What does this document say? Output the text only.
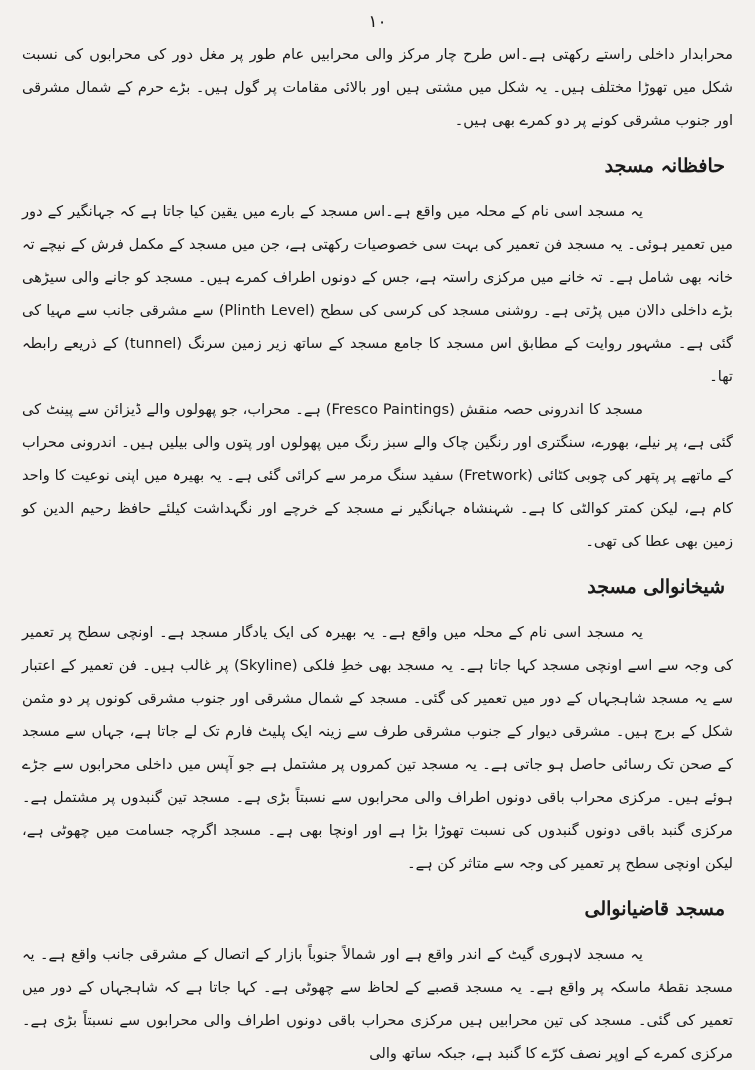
۱۰

محرابدار داخلی راستے رکھتی ہے۔اس طرح چار مرکز والی محرابیں عام طور پر مغل دور کی محرابوں کی نسبت شکل میں تھوڑا مختلف ہیں۔ یہ شکل میں مشتی ہیں اور بالائی مقامات پر گول ہیں۔ بڑے حرم کے شمال مشرقی اور جنوب مشرقی کونے پر دو کمرے بھی ہیں۔

حافظانہ مسجد

یہ مسجد اسی نام کے محلہ میں واقع ہے۔اس مسجد کے بارے میں یقین کیا جاتا ہے کہ جہانگیر کے دور میں تعمیر ہوئی۔ یہ مسجد فن تعمیر کی بہت سی خصوصیات رکھتی ہے، جن میں مسجد کے مکمل فرش کے نیچے تہ خانہ بھی شامل ہے۔ تہ خانے میں مرکزی راستہ ہے، جس کے دونوں اطراف کمرے ہیں۔ مسجد کو جانے والی سیڑھی بڑے داخلی دالان میں پڑتی ہے۔ روشنی مسجد کی کرسی کی سطح (Plinth Level) سے مشرقی جانب سے مہیا کی گئی ہے۔ مشہور روایت کے مطابق اس مسجد کا جامع مسجد کے ساتھ زیر زمین سرنگ (tunnel) کے ذریعے رابطہ تھا۔

مسجد کا اندرونی حصہ منقش (Fresco Paintings) ہے۔ محراب، جو پھولوں والے ڈیزائن سے پینٹ کی گئی ہے، پر نیلے، بھورے، سنگتری اور رنگین چاک والے سبز رنگ میں پھولوں اور پتوں والی بیلیں ہیں۔ اندرونی محراب کے ماتھے پر پتھر کی چوبی کٹائی (Fretwork) سفید سنگ مرمر سے کرائی گئی ہے۔ یہ بھیرہ میں اپنی نوعیت کا واحد کام ہے، لیکن کمتر کوالٹی کا ہے۔ شہنشاہ جہانگیر نے مسجد کے خرچے اور نگہداشت کیلئے حافظ رحیم الدین کو زمین بھی عطا کی تھی۔

شیخانوالی مسجد

یہ مسجد اسی نام کے محلہ میں واقع ہے۔ یہ بھیرہ کی ایک یادگار مسجد ہے۔ اونچی سطح پر تعمیر کی وجہ سے اسے اونچی مسجد کہا جاتا ہے۔ یہ مسجد بھی خطِ فلکی (Skyline) پر غالب ہیں۔ فن تعمیر کے اعتبار سے یہ مسجد شاہجہاں کے دور میں تعمیر کی گئی۔ مسجد کے شمال مشرقی اور جنوب مشرقی کونوں پر دو مثمن شکل کے برج ہیں۔ مشرقی دیوار کے جنوب مشرقی طرف سے زینہ ایک پلیٹ فارم تک لے جاتا ہے، جہاں سے مسجد کے صحن تک رسائی حاصل ہو جاتی ہے۔ یہ مسجد تین کمروں پر مشتمل ہے جو آپس میں داخلی محرابوں سے جڑے ہوئے ہیں۔ مرکزی محراب باقی دونوں اطراف والی محرابوں سے نسبتاً بڑی ہے۔ مسجد تین گنبدوں پر مشتمل ہے۔ مرکزی گنبد باقی دونوں گنبدوں کی نسبت تھوڑا بڑا ہے اور اونچا بھی ہے۔ مسجد اگرچہ جسامت میں چھوٹی ہے، لیکن اونچی سطح پر تعمیر کی وجہ سے متاثر کن ہے۔

مسجد قاضیانوالی

یہ مسجد لاہوری گیٹ کے اندر واقع ہے اور شمالاً جنوباً بازار کے اتصال کے مشرقی جانب واقع ہے۔ یہ مسجد نقطۂ ماسکہ پر واقع ہے۔ یہ مسجد قصبے کے لحاظ سے چھوٹی ہے۔ کہا جاتا ہے کہ شاہجہاں کے دور میں تعمیر کی گئی۔ مسجد کی تین محرابیں ہیں مرکزی محراب باقی دونوں اطراف والی محرابوں سے نسبتاً بڑی ہے۔ مرکزی کمرے کے اوپر نصف کرّے کا گنبد ہے، جبکہ ساتھ والی
